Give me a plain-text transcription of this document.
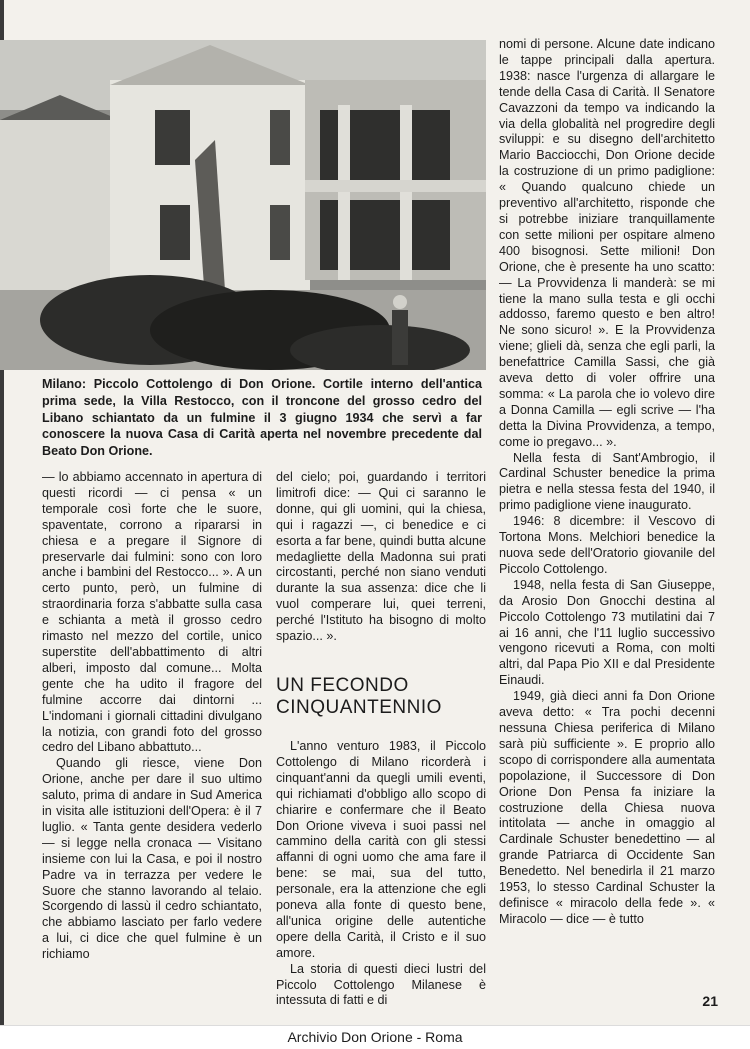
Milano: Piccolo Cottolengo di Don Orione. Cortile interno dell'antica prima sede, la Villa Restocco, con il troncone del grosso cedro del Libano schiantato da un fulmine il 3 giugno 1934 che servì a far conoscere la nuova Casa di Carità aperta nel novembre precedente dal Beato Don Orione.

— lo abbiamo accennato in apertura di questi ricordi — ci pensa « un temporale così forte che le suore, spaventate, corrono a ripararsi in chiesa e a pregare il Signore di preservarle dai fulmini: sono con loro anche i bambini del Restocco... ». A un certo punto, però, un fulmine di straordinaria forza s'abbatte sulla casa e schianta a metà il grosso cedro rimasto nel mezzo del cortile, unico superstite dell'abbattimento di altri alberi, imposto dal comune... Molta gente che ha udito il fragore del fulmine accorre dai dintorni ... L'indomani i giornali cittadini divulgano la notizia, con grandi foto del grosso cedro del Libano abbattuto...

Quando gli riesce, viene Don Orione, anche per dare il suo ultimo saluto, prima di andare in Sud America in visita alle istituzioni dell'Opera: è il 7 luglio. « Tanta gente desidera vederlo — si legge nella cronaca — Visitano insieme con lui la Casa, e poi il nostro Padre va in terrazza per vedere le Suore che stanno lavorando al telaio. Scorgendo di lassù il cedro schiantato, che abbiamo lasciato per farlo vedere a lui, ci dice che quel fulmine è un richiamo

del cielo; poi, guardando i territori limitrofi dice: — Qui ci saranno le donne, qui gli uomini, qui la chiesa, qui i ragazzi —, ci benedice e ci esorta a far bene, quindi butta alcune medagliette della Madonna sui prati circostanti, perché non siano venduti durante la sua assenza: dice che li vuol comperare lui, quei terreni, perché l'Istituto ha bisogno di molto spazio... ».

UN FECONDO CINQUANTENNIO

L'anno venturo 1983, il Piccolo Cottolengo di Milano ricorderà i cinquant'anni da quegli umili eventi, qui richiamati d'obbligo allo scopo di chiarire e confermare che il Beato Don Orione viveva i suoi passi nel cammino della carità con gli stessi affanni di ogni uomo che ama fare il bene: se mai, sua del tutto, personale, era la attenzione che egli poneva alla fonte di questo bene, all'unica origine delle autentiche opere della Carità, il Cristo e il suo amore.

La storia di questi dieci lustri del Piccolo Cottolengo Milanese è intessuta di fatti e di

nomi di persone. Alcune date indicano le tappe principali dalla apertura. 1938: nasce l'urgenza di allargare le tende della Casa di Carità. Il Senatore Cavazzoni da tempo va indicando la via della globalità nel progredire degli sviluppi: e su disegno dell'architetto Mario Bacciocchi, Don Orione decide la costruzione di un primo padiglione: « Quando qualcuno chiede un preventivo all'architetto, risponde che si potrebbe iniziare tranquillamente con sette milioni per ospitare almeno 400 bisognosi. Sette milioni! Don Orione, che è presente ha uno scatto: — La Provvidenza li manderà: se mi tiene la mano sulla testa e gli occhi addosso, faremo questo e ben altro! Ne sono sicuro! ». E la Provvidenza viene; glieli dà, senza che egli parli, la benefattrice Camilla Sassi, che già aveva detto di voler offrire una somma: « La parola che io volevo dire a Donna Camilla — egli scrive — l'ha detta la Divina Provvidenza, a tempo, come io pregavo... ».

Nella festa di Sant'Ambrogio, il Cardinal Schuster benedice la prima pietra e nella stessa festa del 1940, il primo padiglione viene inaugurato.

1946: 8 dicembre: il Vescovo di Tortona Mons. Melchiori benedice la nuova sede dell'Oratorio giovanile del Piccolo Cottolengo.

1948, nella festa di San Giuseppe, da Arosio Don Gnocchi destina al Piccolo Cottolengo 73 mutilatini dai 7 ai 16 anni, che l'11 luglio successivo vengono ricevuti a Roma, con molti altri, dal Papa Pio XII e dal Presidente Einaudi.

1949, già dieci anni fa Don Orione aveva detto: « Tra pochi decenni nessuna Chiesa periferica di Milano sarà più sufficiente ». E proprio allo scopo di corrispondere alla aumentata popolazione, il Successore di Don Orione Don Pensa fa iniziare la costruzione della Chiesa nuova intitolata — anche in omaggio al Cardinale Schuster benedettino — al grande Patriarca di Occidente San Benedetto. Nel benedirla il 21 marzo 1953, lo stesso Cardinal Schuster la definisce « miracolo della fede ». « Miracolo — dice — è tutto

21

Archivio Don Orione - Roma
